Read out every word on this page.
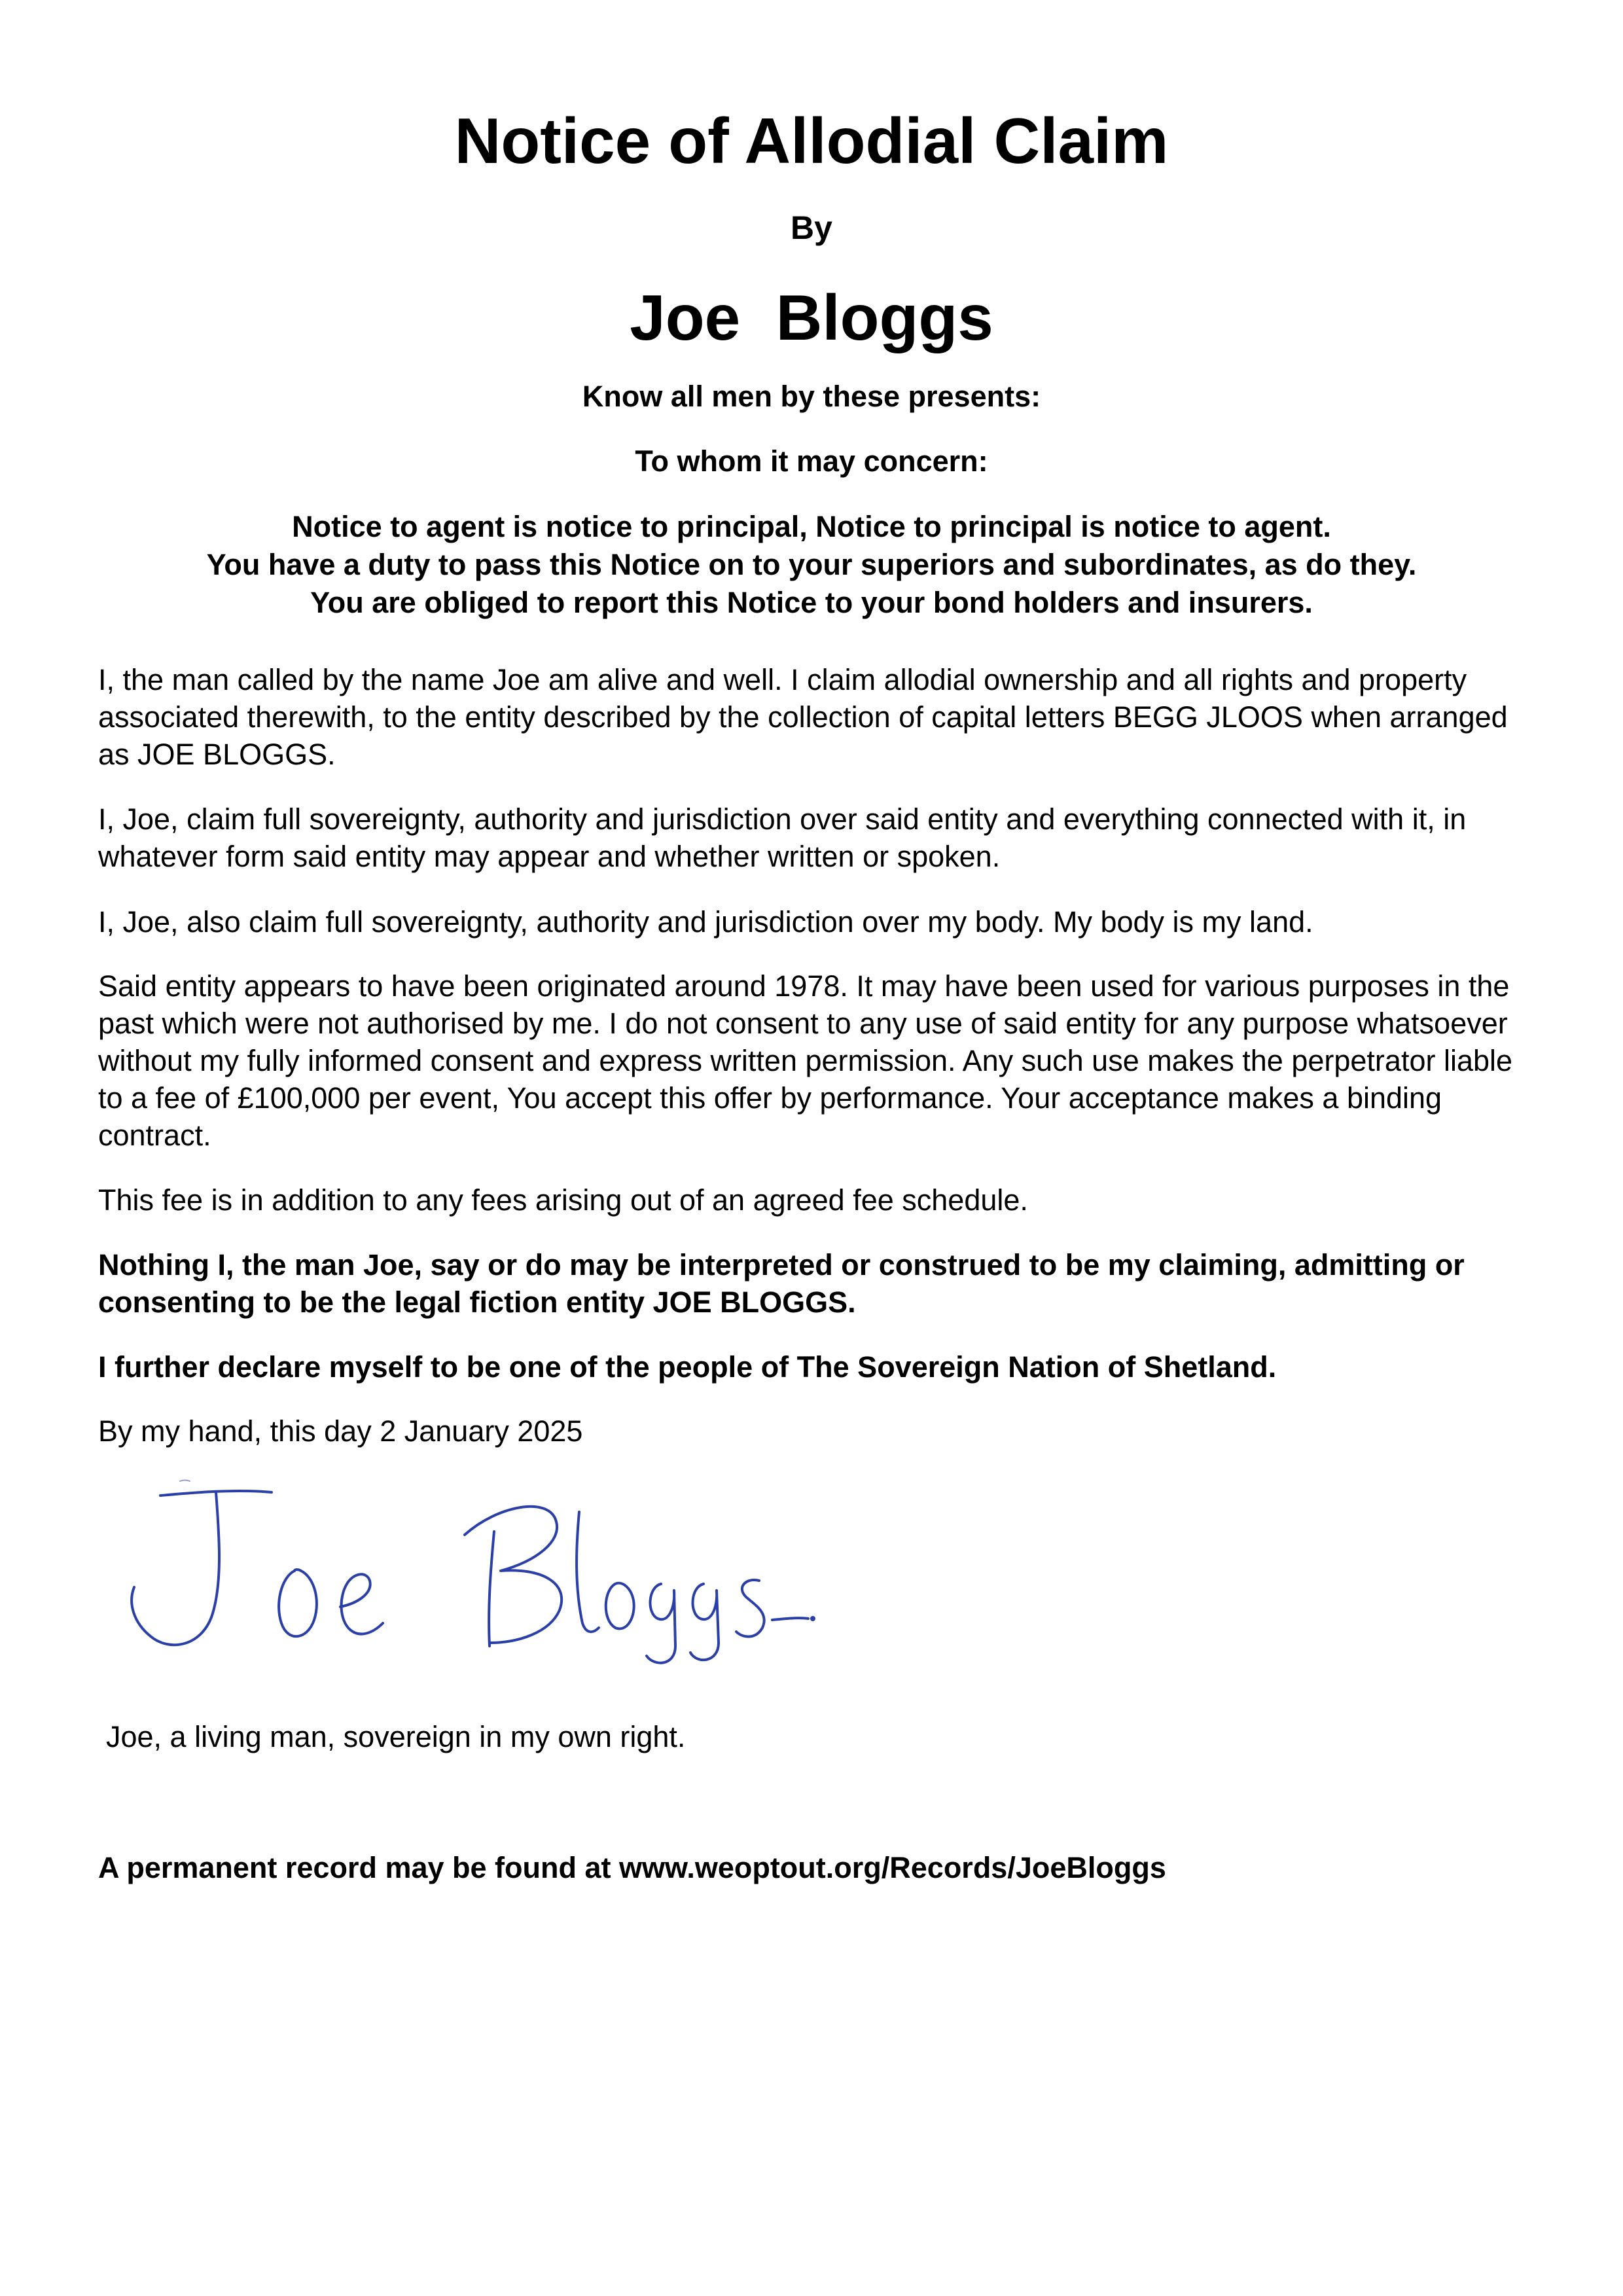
Notice of Allodial Claim

By

Joe  Bloggs

Know all men by these presents:

To whom it may concern:

Notice to agent is notice to principal, Notice to principal is notice to agent.
You have a duty to pass this Notice on to your superiors and subordinates, as do they.
You are obliged to report this Notice to your bond holders and insurers.

I, the man called by the name Joe am alive and well. I claim allodial ownership and all rights and property associated therewith, to the entity described by the collection of capital letters BEGG JLOOS when arranged as JOE BLOGGS.

I, Joe, claim full sovereignty, authority and jurisdiction over said entity and everything connected with it, in whatever form said entity may appear and whether written or spoken.

I, Joe, also claim full sovereignty, authority and jurisdiction over my body. My body is my land.

Said entity appears to have been originated around 1978. It may have been used for various purposes in the past which were not authorised by me. I do not consent to any use of said entity for any purpose whatsoever without my fully informed consent and express written permission. Any such use makes the perpetrator liable to a fee of £100,000 per event, You accept this offer by performance. Your acceptance makes a binding contract.

This fee is in addition to any fees arising out of an agreed fee schedule.

Nothing I, the man Joe, say or do may be interpreted or construed to be my claiming, admitting or consenting to be the legal fiction entity JOE BLOGGS.

I further declare myself to be one of the people of The Sovereign Nation of Shetland.

By my hand, this day 2 January 2025

Joe, a living man, sovereign in my own right.

A permanent record may be found at www.weoptout.org/Records/JoeBloggs
